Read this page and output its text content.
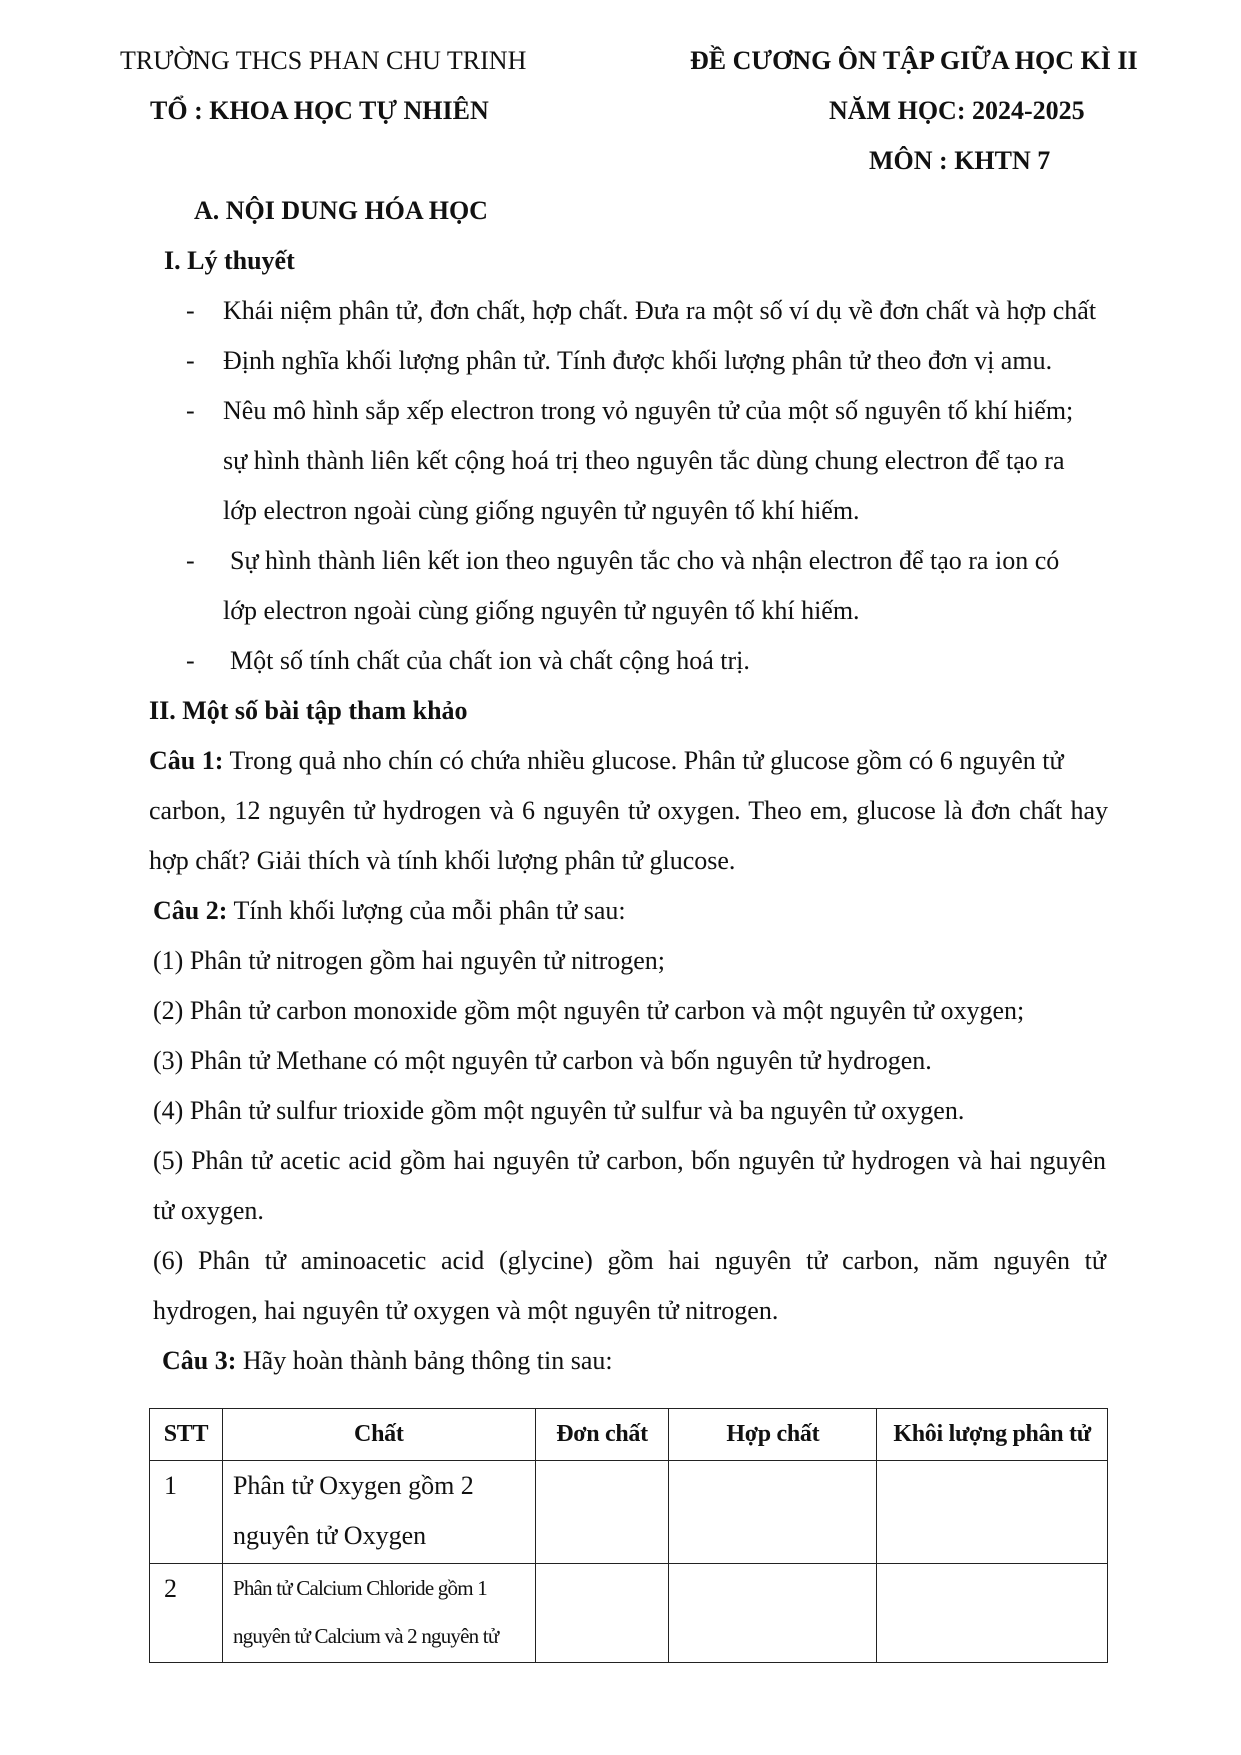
TRƯỜNG THCS PHAN CHU TRINH	ĐỀ CƯƠNG ÔN TẬP GIỮA HỌC KÌ II
TỔ : KHOA HỌC TỰ NHIÊN	NĂM HỌC: 2024-2025
MÔN : KHTN 7
A. NỘI DUNG HÓA HỌC
I. Lý thuyết
- Khái niệm phân tử, đơn chất, hợp chất. Đưa ra một số ví dụ về đơn chất và hợp chất
- Định nghĩa khối lượng phân tử. Tính được khối lượng phân tử theo đơn vị amu.
- Nêu mô hình sắp xếp electron trong vỏ nguyên tử của một số nguyên tố khí hiếm;
sự hình thành liên kết cộng hoá trị theo nguyên tắc dùng chung electron để tạo ra
lớp electron ngoài cùng giống nguyên tử nguyên tố khí hiếm.
- Sự hình thành liên kết ion theo nguyên tắc cho và nhận electron để tạo ra ion có
lớp electron ngoài cùng giống nguyên tử nguyên tố khí hiếm.
- Một số tính chất của chất ion và chất cộng hoá trị.
II. Một số bài tập tham khảo
Câu 1: Trong quả nho chín có chứa nhiều glucose. Phân tử glucose gồm có 6 nguyên tử
carbon, 12 nguyên tử hydrogen và 6 nguyên tử oxygen. Theo em, glucose là đơn chất hay
hợp chất? Giải thích và tính khối lượng phân tử glucose.
Câu 2: Tính khối lượng của mỗi phân tử sau:
(1) Phân tử nitrogen gồm hai nguyên tử nitrogen;
(2) Phân tử carbon monoxide gồm một nguyên tử carbon và một nguyên tử oxygen;
(3) Phân tử Methane có một nguyên tử carbon và bốn nguyên tử hydrogen.
(4) Phân tử sulfur trioxide gồm một nguyên tử sulfur và ba nguyên tử oxygen.
(5) Phân tử acetic acid gồm hai nguyên tử carbon, bốn nguyên tử hydrogen và hai nguyên
tử oxygen.
(6) Phân tử aminoacetic acid (glycine) gồm hai nguyên tử carbon, năm nguyên tử
hydrogen, hai nguyên tử oxygen và một nguyên tử nitrogen.
Câu 3: Hãy hoàn thành bảng thông tin sau:
STT	Chất	Đơn chất	Hợp chất	Khôi lượng phân tử
1	Phân tử Oxygen gồm 2
nguyên tử Oxygen			

2	Phân tử Calcium Chloride gồm 1
nguyên tử Calcium và 2 nguyên tử			
